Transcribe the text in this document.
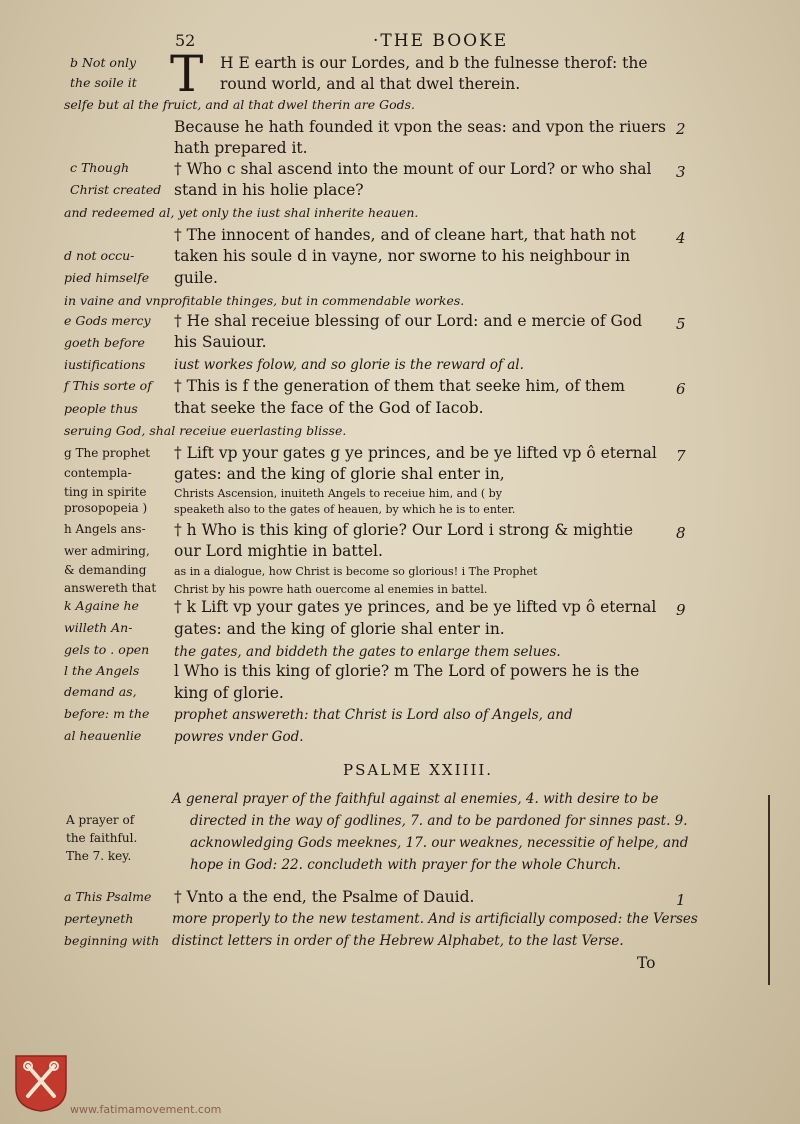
52	·THE BOOKE
T
b Not only
the soile it
selfe but al the fruict, and al that dwel therin are Gods.
c Though
Christ created
and redeemed al, yet only the iust shal inherite heauen.
d not occu-
pied himselfe
in vaine and vnprofitable thinges, but in commendable workes.
e Gods mercy
goeth before
iustifications
f This sorte of
people thus
seruing God, shal receiue euerlasting blisse.
g The prophet
contempla-
ting in spirite
prosopopeia )
h Angels ans-
wer admiring,
& demanding
answereth that
k Againe he
willeth An-
gels to . open
l the Angels
demand as,
before: m the
al heauenlie
H E earth is our Lordes, and b the fulnesse therof: the
round world, and al that dwel therein.
Because he hath founded it vpon the seas: and vpon the riuers
hath prepared it.
† Who c shal ascend into the mount of our Lord? or who shal
stand in his holie place?
† The innocent of handes, and of cleane hart, that hath not
taken his soule d in vayne, nor sworne to his neighbour in
guile.
† He shal receiue blessing of our Lord: and e mercie of God
his Sauiour.
iust workes folow, and so glorie is the reward of al.
† This is f the generation of them that seeke him, of them
that seeke the face of the God of Iacob.
† Lift vp your gates g ye princes, and be ye lifted vp ô eternal
gates: and the king of glorie shal enter in,
Christs Ascension, inuiteth Angels to receiue him, and ( by
speaketh also to the gates of heauen, by which he is to enter.
† h Who is this king of glorie? Our Lord i strong & mightie
our Lord mightie in battel.
as in a dialogue, how Christ is become so glorious! i The Prophet
Christ by his powre hath ouercome al enemies in battel.
† k Lift vp your gates ye princes, and be ye lifted vp ô eternal
gates: and the king of glorie shal enter in.
the gates, and biddeth the gates to enlarge them selues.
l Who is this king of glorie? m The Lord of powers he is the
king of glorie.
prophet answereth: that Christ is Lord also of Angels, and
powres vnder God.
2
3
4
5
6
7
8
9
PSALME XXIIII.
A prayer of
the faithful.
The 7. key.
A general prayer of the faithful against al enemies, 4. with desire to be
directed in the way of godlines, 7. and to be pardoned for sinnes past. 9.
acknowledging Gods meeknes, 17. our weaknes, necessitie of helpe, and
hope in God: 22. concludeth with prayer for the whole Church.
a This Psalme
perteyneth
beginning with
† Vnto a the end, the Psalme of Dauid.	1
more properly to the new testament. And is artificially composed: the Verses
distinct letters in order of the Hebrew Alphabet, to the last Verse.
To
www.fatimamovement.com
